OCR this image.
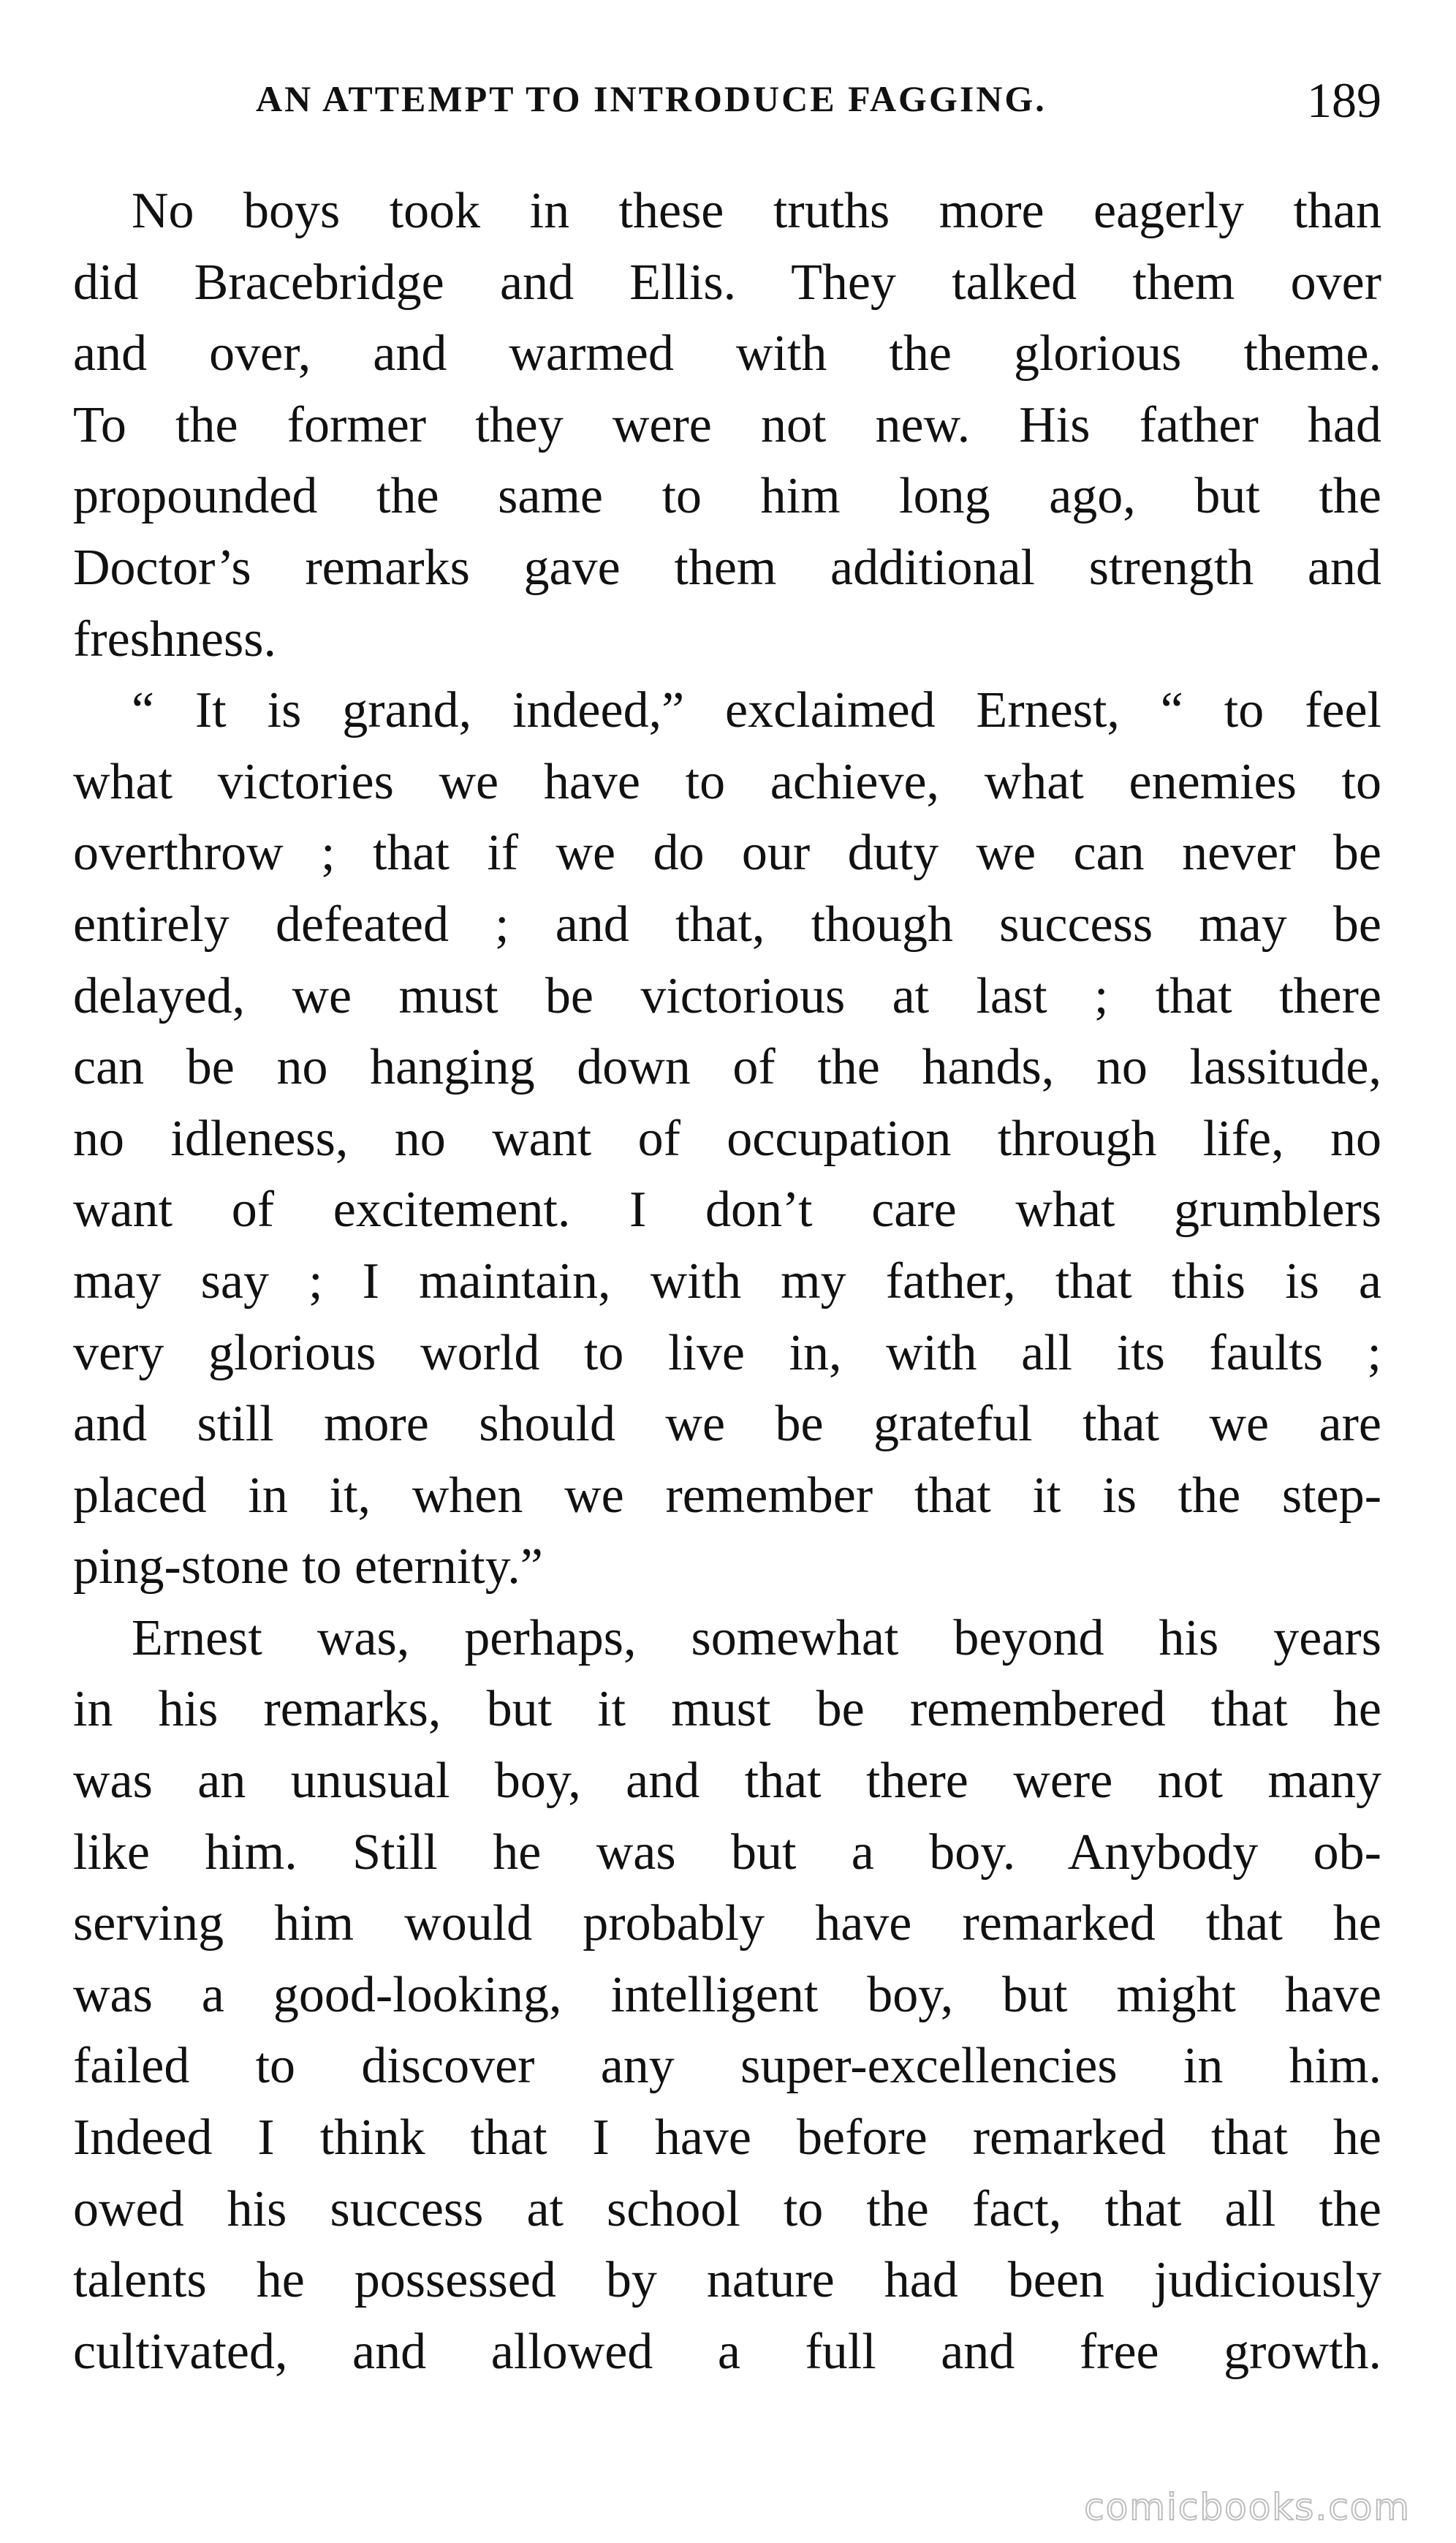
AN ATTEMPT TO INTRODUCE FAGGING.	189
No boys took in these truths more eagerly than
did Bracebridge and Ellis. They talked them over
and over, and warmed with the glorious theme.
To the former they were not new. His father had
propounded the same to him long ago, but the
Doctor’s remarks gave them additional strength and
freshness.
“ It is grand, indeed,” exclaimed Ernest, “ to feel
what victories we have to achieve, what enemies to
overthrow ; that if we do our duty we can never be
entirely defeated ; and that, though success may be
delayed, we must be victorious at last ; that there
can be no hanging down of the hands, no lassitude,
no idleness, no want of occupation through life, no
want of excitement. I don’t care what grumblers
may say ; I maintain, with my father, that this is a
very glorious world to live in, with all its faults ;
and still more should we be grateful that we are
placed in it, when we remember that it is the step-
ping-stone to eternity.”
Ernest was, perhaps, somewhat beyond his years
in his remarks, but it must be remembered that he
was an unusual boy, and that there were not many
like him. Still he was but a boy. Anybody ob-
serving him would probably have remarked that he
was a good-looking, intelligent boy, but might have
failed to discover any super-excellencies in him.
Indeed I think that I have before remarked that he
owed his success at school to the fact, that all the
talents he possessed by nature had been judiciously
cultivated, and allowed a full and free growth.
comicbooks.com
